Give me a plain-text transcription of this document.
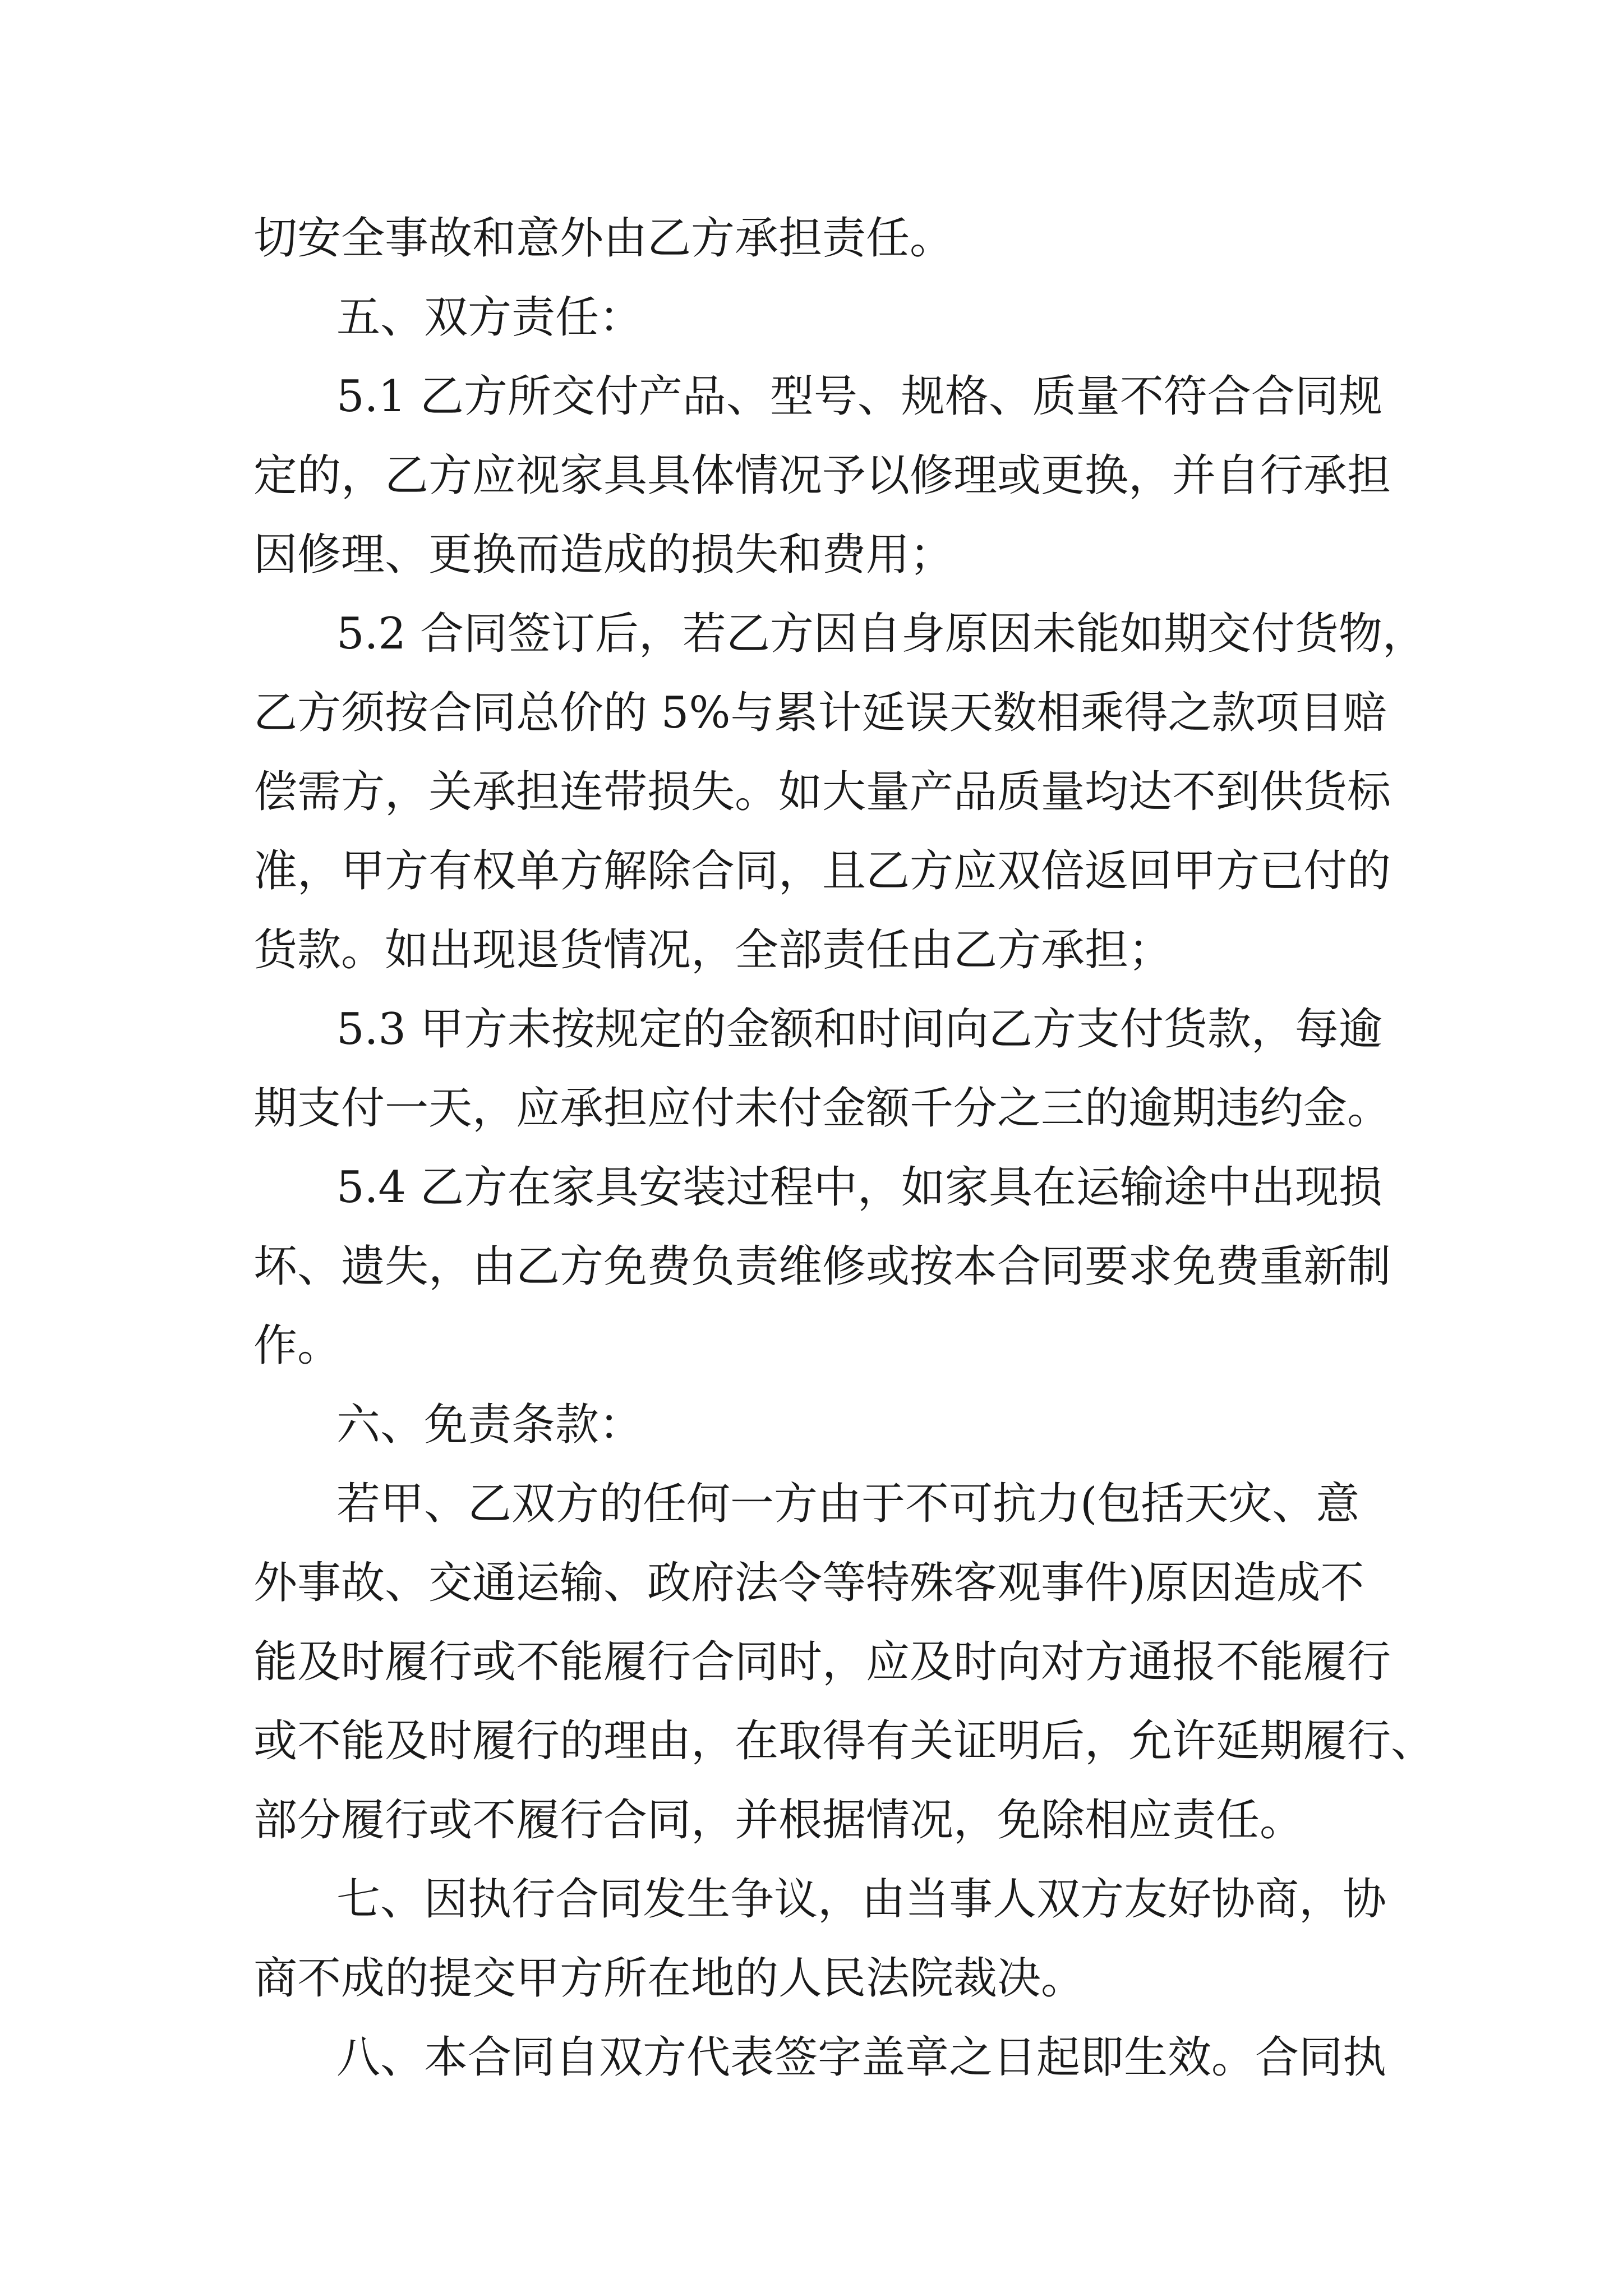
切安全事故和意外由乙方承担责任。
五、双方责任：
5.1 乙方所交付产品、型号、规格、质量不符合合同规
定的，乙方应视家具具体情况予以修理或更换，并自行承担
因修理、更换而造成的损失和费用；
5.2 合同签订后，若乙方因自身原因未能如期交付货物，
乙方须按合同总价的 5%与累计延误天数相乘得之款项目赔
偿需方，关承担连带损失。如大量产品质量均达不到供货标
准，甲方有权单方解除合同，且乙方应双倍返回甲方已付的
货款。如出现退货情况，全部责任由乙方承担；
5.3 甲方未按规定的金额和时间向乙方支付货款，每逾
期支付一天，应承担应付未付金额千分之三的逾期违约金。
5.4 乙方在家具安装过程中，如家具在运输途中出现损
坏、遗失，由乙方免费负责维修或按本合同要求免费重新制
作。
六、免责条款：
若甲、乙双方的任何一方由于不可抗力(包括天灾、意
外事故、交通运输、政府法令等特殊客观事件)原因造成不
能及时履行或不能履行合同时，应及时向对方通报不能履行
或不能及时履行的理由，在取得有关证明后，允许延期履行、
部分履行或不履行合同，并根据情况，免除相应责任。
七、因执行合同发生争议，由当事人双方友好协商，协
商不成的提交甲方所在地的人民法院裁决。
八、本合同自双方代表签字盖章之日起即生效。合同执
